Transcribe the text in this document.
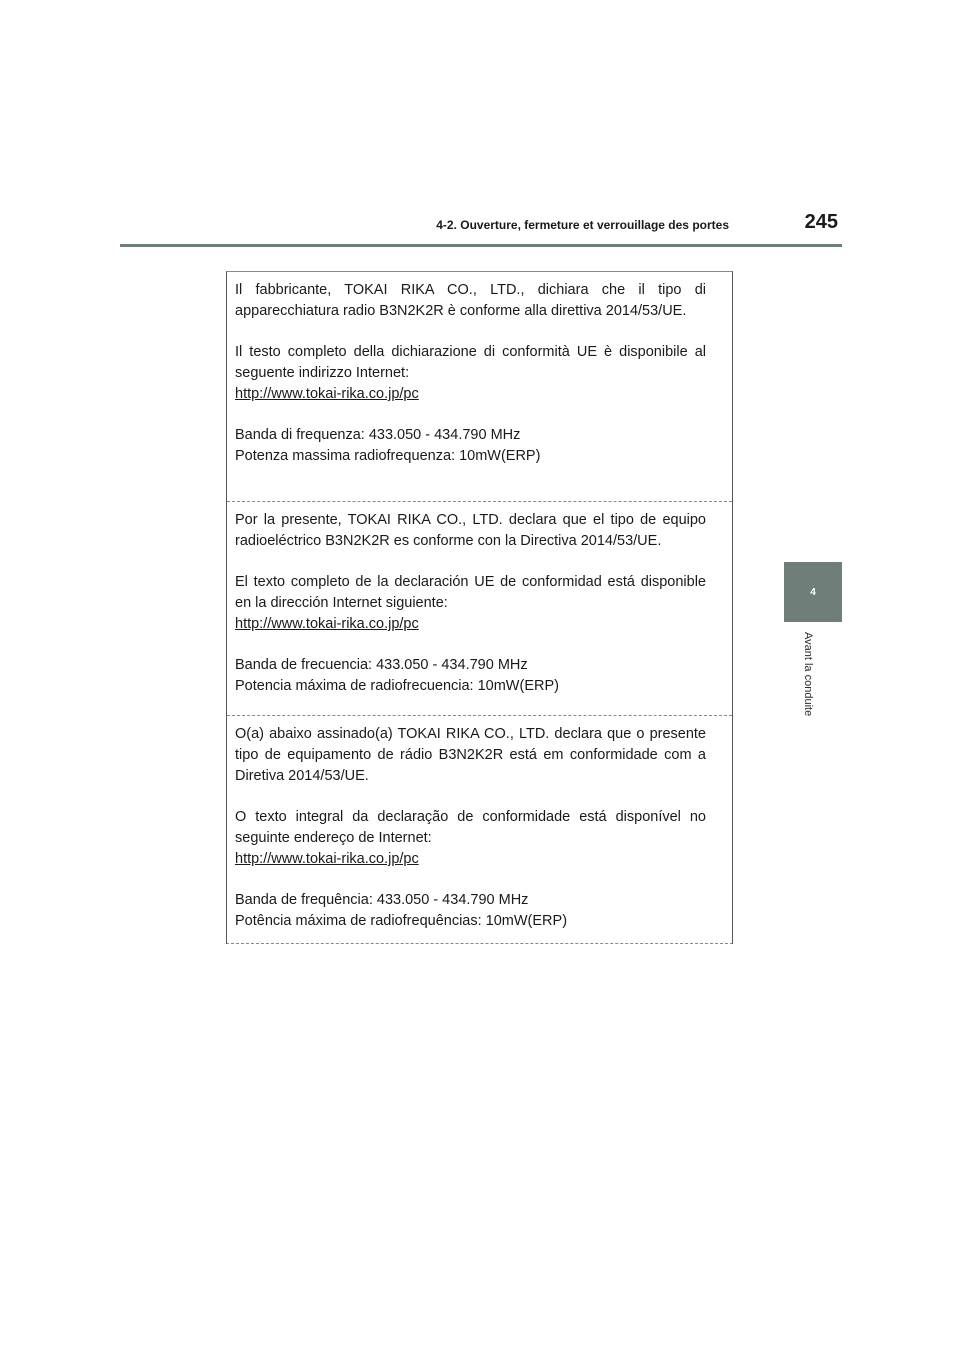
4-2. Ouverture, fermeture et verrouillage des portes	245
4
Avant la conduite

Il fabbricante, TOKAI RIKA CO., LTD., dichiara che il tipo di apparecchiatura radio B3N2K2R è conforme alla direttiva 2014/53/UE.

Il testo completo della dichiarazione di conformità UE è disponibile al seguente indirizzo Internet:

http://www.tokai-rika.co.jp/pc

Banda di frequenza: 433.050 - 434.790 MHz

Potenza massima radiofrequenza: 10mW(ERP)

Por la presente, TOKAI RIKA CO., LTD. declara que el tipo de equipo radioeléctrico B3N2K2R es conforme con la Directiva 2014/53/UE.

El texto completo de la declaración UE de conformidad está disponible en la dirección Internet siguiente:

http://www.tokai-rika.co.jp/pc

Banda de frecuencia: 433.050 - 434.790 MHz

Potencia máxima de radiofrecuencia: 10mW(ERP)

O(a) abaixo assinado(a) TOKAI RIKA CO., LTD. declara que o presente tipo de equipamento de rádio B3N2K2R está em conformidade com a Diretiva 2014/53/UE.

O texto integral da declaração de conformidade está disponível no seguinte endereço de Internet:

http://www.tokai-rika.co.jp/pc

Banda de frequência: 433.050 - 434.790 MHz

Potência máxima de radiofrequências: 10mW(ERP)
